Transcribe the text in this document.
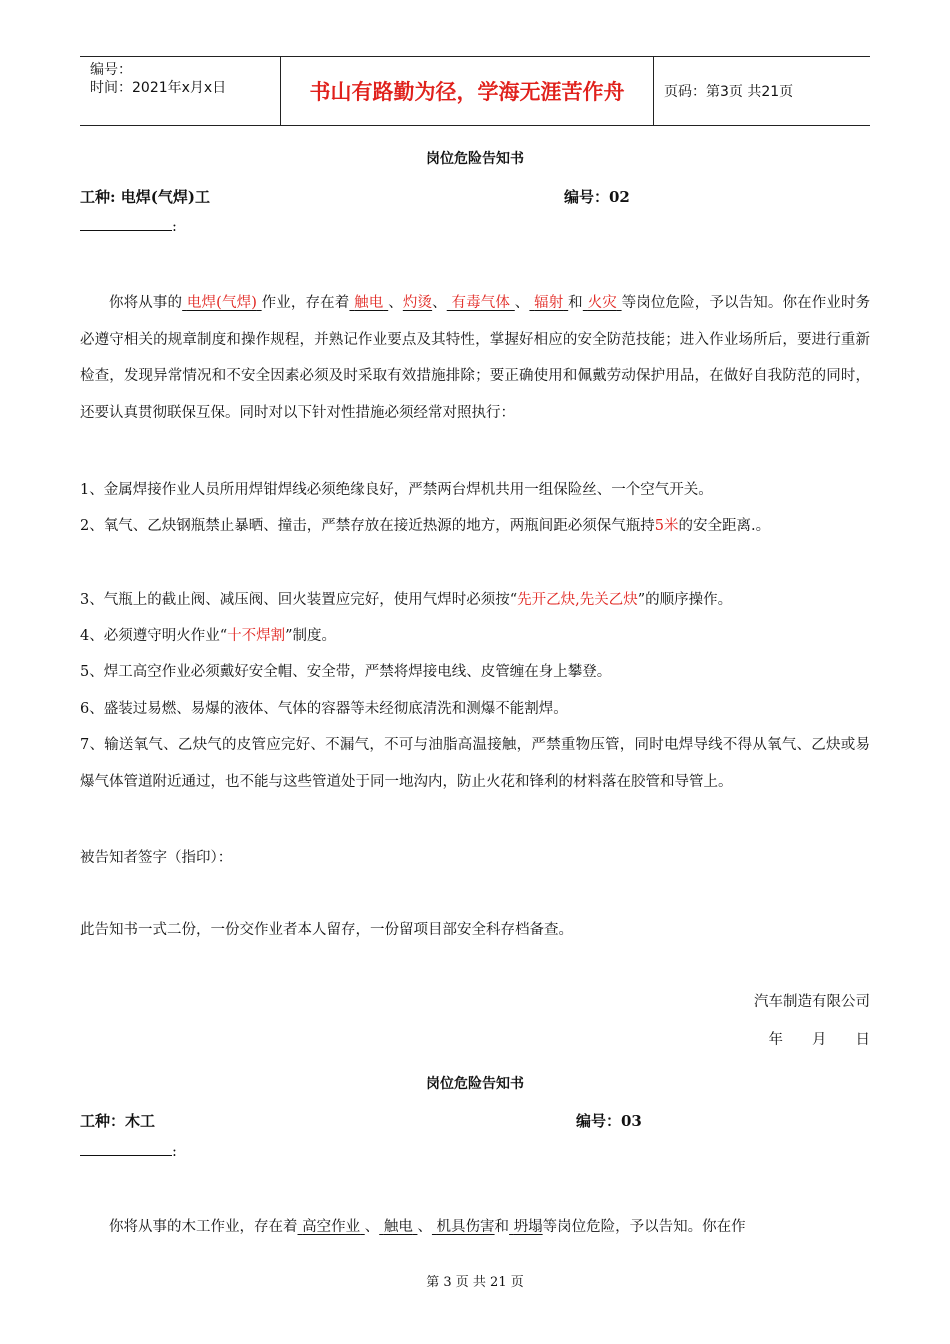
编号：
时间：2021年x月x日	书山有路勤为径，学海无涯苦作舟	页码：第3页 共21页
岗位危险告知书
工种: 电焊(气焊)工	编号：02
:
你将从事的 电焊(气焊) 作业，存在着 触电 、灼烫、 有毒气体 、 辐射 和 火灾 等岗位危险，予以告知。你在作业时务必遵守相关的规章制度和操作规程，并熟记作业要点及其特性，掌握好相应的安全防范技能；进入作业场所后，要进行重新检查，发现异常情况和不安全因素必须及时采取有效措施排除；要正确使用和佩戴劳动保护用品，在做好自我防范的同时，还要认真贯彻联保互保。同时对以下针对性措施必须经常对照执行：
1、金属焊接作业人员所用焊钳焊线必须绝缘良好，严禁两台焊机共用一组保险丝、一个空气开关。
2、氧气、乙炔钢瓶禁止暴晒、撞击，严禁存放在接近热源的地方，两瓶间距必须保气瓶持5米的安全距离.。
3、气瓶上的截止阀、减压阀、回火装置应完好，使用气焊时必须按“先开乙炔,先关乙炔”的顺序操作。
4、必须遵守明火作业“十不焊割”制度。
5、焊工高空作业必须戴好安全帽、安全带，严禁将焊接电线、皮管缠在身上攀登。
6、盛装过易燃、易爆的液体、气体的容器等未经彻底清洗和测爆不能割焊。
7、输送氧气、乙炔气的皮管应完好、不漏气，不可与油脂高温接触，严禁重物压管，同时电焊导线不得从氧气、乙炔或易爆气体管道附近通过，也不能与这些管道处于同一地沟内，防止火花和锋利的材料落在胶管和导管上。
被告知者签字（指印）：
此告知书一式二份，一份交作业者本人留存，一份留项目部安全科存档备查。
汽车制造有限公司
年　　月　　日
岗位危险告知书
工种：木工	编号：03
:
你将从事的木工作业，存在着 高空作业 、 触电 、 机具伤害和 坍塌等岗位危险，予以告知。你在作
第 3 页 共 21 页
